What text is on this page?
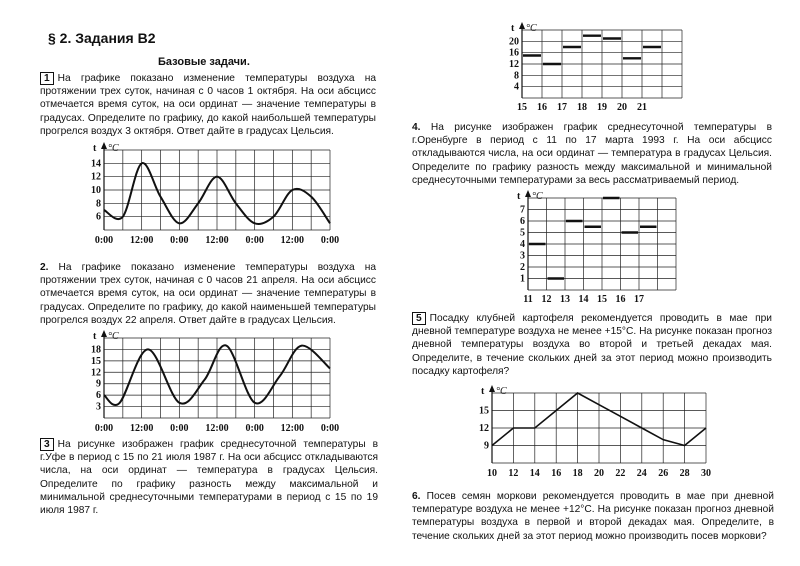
§ 2. Задания В2
Базовые задачи.

1 На графике показано изменение температуры воздуха на протяжении трех суток, начиная с 0 часов 1 октября. На оси абсцисс отмечается время суток, на оси ординат — значение температуры в градусах. Определите по графику, до какой наибольшей температуры прогрелся воздух 3 октября. Ответ дайте в градусах Цельсия.

t °C
6
8
10
12
14
0:00 12:00 0:00 12:00 0:00 12:00 0:00

2. На графике показано изменение температуры воздуха на протяжении трех суток, начиная с 0 часов 21 апреля. На оси абсцисс отмечается время суток, на оси ординат — значение температуры в градусах. Определите по графику, до какой наименьшей температуры прогрелся воздух 22 апреля. Ответ дайте в градусах Цельсия.

t °C
3
6
9
12
15
18
0:00 12:00 0:00 12:00 0:00 12:00 0:00

3 На рисунке изображен график среднесуточной температуры в г.Уфе в период с 15 по 21 июля 1987 г. На оси абсцисс откладываются числа, на оси ординат — температура в градусах Цельсия. Определите по графику разность между максимальной и минимальной среднесуточными температурами в период с 15 по 19 июля 1987 г.

t °C
4
8
12
16
20
15 16 17 18 19 20 21

4. На рисунке изображен график среднесуточной температуры в г.Оренбурге в период с 11 по 17 марта 1993 г. На оси абсцисс откладываются числа, на оси ординат — температура в градусах Цельсия. Определите по графику разность между максимальной и минимальной среднесуточными температурами за весь рассматриваемый период.

t °C
1
2
3
4
5
6
7
11 12 13 14 15 16 17

5 Посадку клубней картофеля рекомендуется проводить в мае при дневной температуре воздуха не менее +15°C. На рисунке показан прогноз дневной температуры воздуха во второй и третьей декадах мая. Определите, в течение скольких дней за этот период можно производить посадку картофеля?

t °C
9
12
15
10 12 14 16 18 20 22 24 26 28 30

6. Посев семян моркови рекомендуется проводить в мае при дневной температуре воздуха не менее +12°C. На рисунке показан прогноз дневной температуры воздуха в первой и второй декадах мая. Определите, в течение скольких дней за этот период можно производить посев моркови?
